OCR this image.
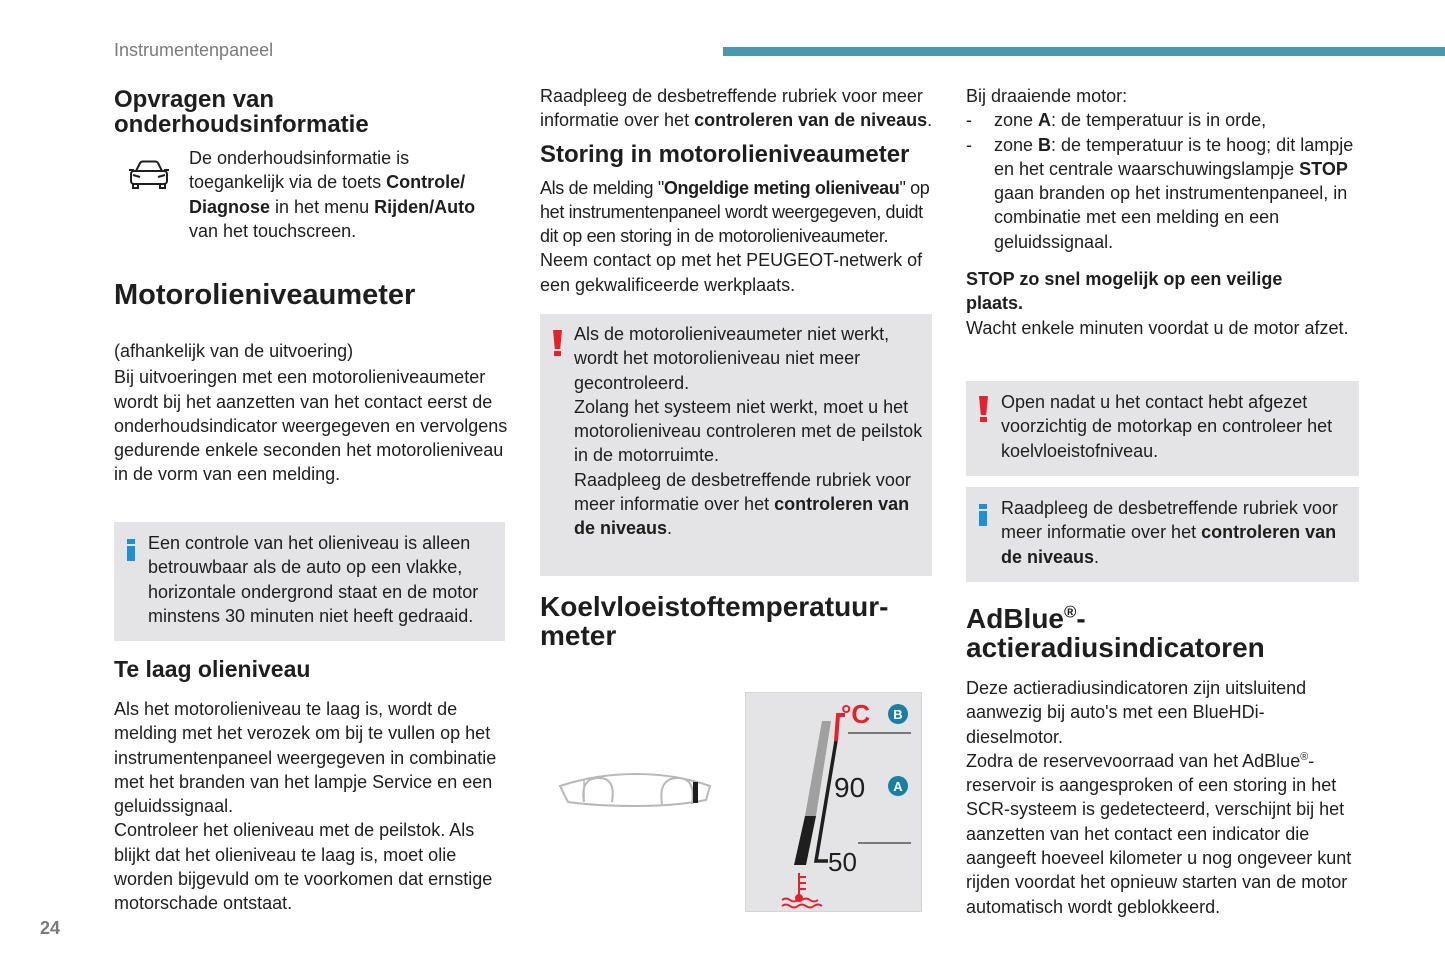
Instrumentenpaneel
24
Opvragen van
onderhoudsinformatie

De onderhoudsinformatie is toegankelijk via de toets Controle/ Diagnose in het menu Rijden/Auto van het touchscreen.

Motorolieniveaumeter

(afhankelijk van de uitvoering)

Bij uitvoeringen met een motorolieniveaumeter wordt bij het aanzetten van het contact eerst de onderhoudsindicator weergegeven en vervolgens gedurende enkele seconden het motorolieniveau in de vorm van een melding.

Een controle van het olieniveau is alleen betrouwbaar als de auto op een vlakke, horizontale ondergrond staat en de motor minstens 30 minuten niet heeft gedraaid.
Te laag olieniveau

Als het motorolieniveau te laag is, wordt de melding met het verozek om bij te vullen op het instrumentenpaneel weergegeven in combinatie met het branden van het lampje Service en een geluidssignaal.

Controleer het olieniveau met de peilstok. Als blijkt dat het olieniveau te laag is, moet olie worden bijgevuld om te voorkomen dat ernstige motorschade ontstaat.

Raadpleeg de desbetreffende rubriek voor meer informatie over het controleren van de niveaus.

Storing in motorolieniveaumeter

Als de melding "Ongeldige meting olieniveau" op het instrumentenpaneel wordt weergegeven, duidt dit op een storing in de motorolieniveaumeter.

Neem contact op met het PEUGEOT-netwerk of een gekwalificeerde werkplaats.

Als de motorolieniveaumeter niet werkt, wordt het motorolieniveau niet meer gecontroleerd.
Zolang het systeem niet werkt, moet u het motorolieniveau controleren met de peilstok in de motorruimte.
Raadpleeg de desbetreffende rubriek voor meer informatie over het controleren van de niveaus.
Koelvloeistoftemperatuur-
meter
°C
90
50
B
A

Bij draaiende motor:

- zone A: de temperatuur is in orde,
- zone B: de temperatuur is te hoog; dit lampje en het centrale waarschuwingslampje STOP gaan branden op het instrumentenpaneel, in combinatie met een melding en een geluidssignaal.

STOP zo snel mogelijk op een veilige plaats.

Wacht enkele minuten voordat u de motor afzet.

Open nadat u het contact hebt afgezet voorzichtig de motorkap en controleer het koelvloeistofniveau.
Raadpleeg de desbetreffende rubriek voor meer informatie over het controleren van de niveaus.
AdBlue®-
actieradiusindicatoren

Deze actieradiusindicatoren zijn uitsluitend aanwezig bij auto's met een BlueHDi-dieselmotor.

Zodra de reservevoorraad van het AdBlue®-reservoir is aangesproken of een storing in het SCR-systeem is gedetecteerd, verschijnt bij het aanzetten van het contact een indicator die aangeeft hoeveel kilometer u nog ongeveer kunt rijden voordat het opnieuw starten van de motor automatisch wordt geblokkeerd.
